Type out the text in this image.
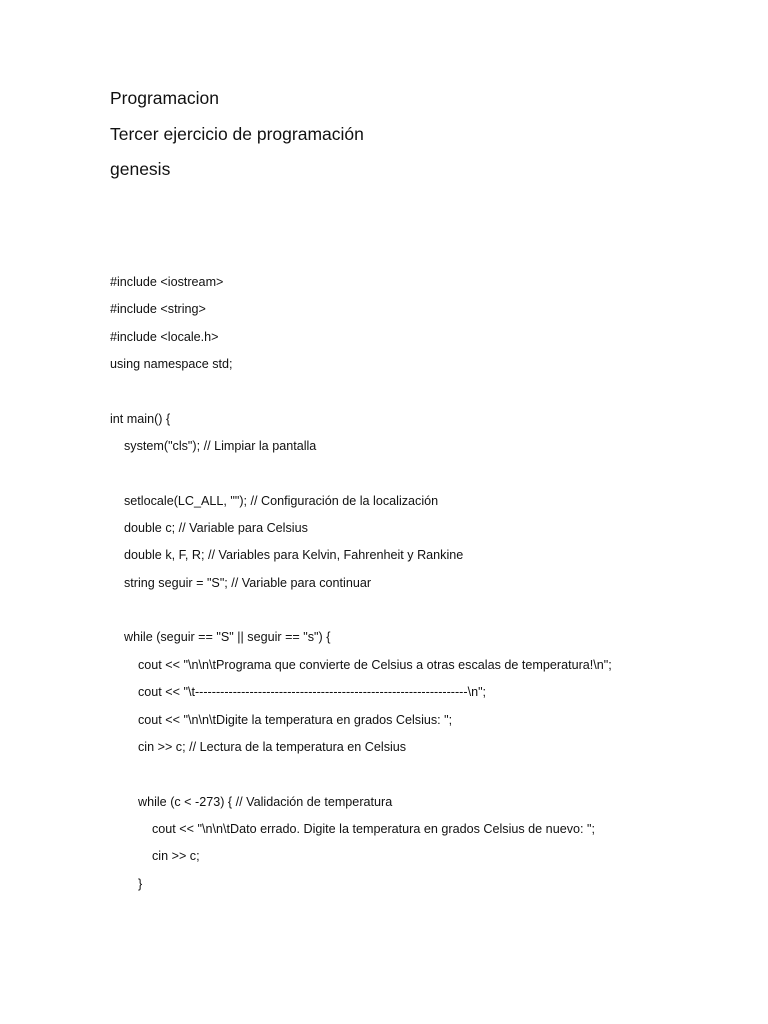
Programacion
Tercer ejercicio de programación
genesis
#include <iostream>
#include <string>
#include <locale.h>
using namespace std;
int main() {
system("cls"); // Limpiar la pantalla
setlocale(LC_ALL, ""); // Configuración de la localización
double c; // Variable para Celsius
double k, F, R; // Variables para Kelvin, Fahrenheit y Rankine
string seguir = "S"; // Variable para continuar
while (seguir == "S" || seguir == "s") {
cout << "\n\n\tPrograma que convierte de Celsius a otras escalas de temperatura!\n";
cout << "\t-----------------------------------------------------------------\n";
cout << "\n\n\tDigite la temperatura en grados Celsius: ";
cin >> c; // Lectura de la temperatura en Celsius
while (c < -273) { // Validación de temperatura
cout << "\n\n\tDato errado. Digite la temperatura en grados Celsius de nuevo: ";
cin >> c;
}
